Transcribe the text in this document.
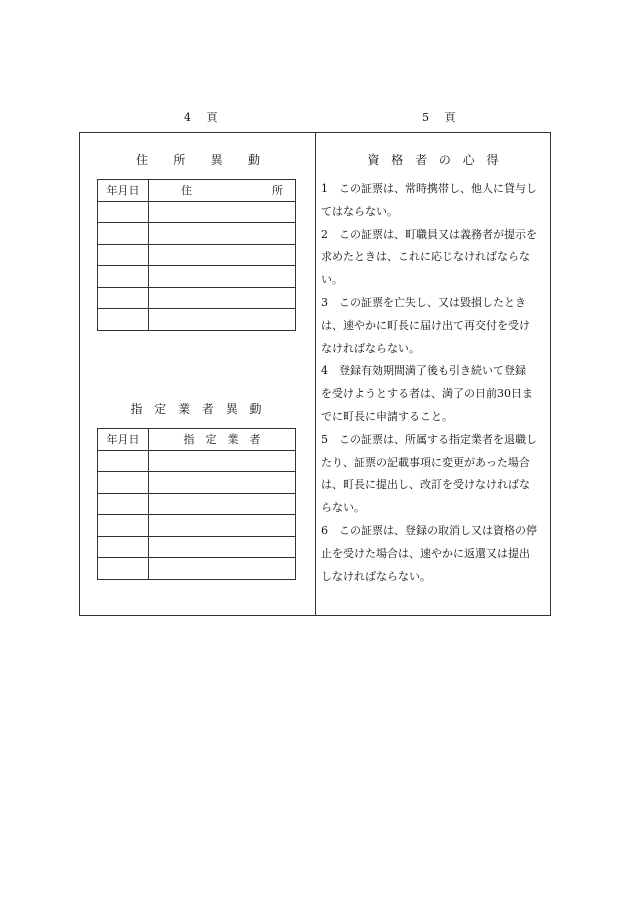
4 頁	5 頁
住 所 異 動
年月日	住 所

指 定 業 者 異 動
年月日	指　定　業　者

資 格 者 の 心 得
1　この証票は、常時携帯し、他人に貸与し
てはならない。
2　この証票は、町職員又は義務者が提示を
求めたときは、これに応じなければならな
い。
3　この証票を亡失し、又は毀損したとき
は、速やかに町長に届け出て再交付を受け
なければならない。
4　登録有効期間満了後も引き続いて登録
を受けようとする者は、満了の日前30日ま
でに町長に申請すること。
5　この証票は、所属する指定業者を退職し
たり、証票の記載事項に変更があった場合
は、町長に提出し、改訂を受けなければな
らない。
6　この証票は、登録の取消し又は資格の停
止を受けた場合は、速やかに返還又は提出
しなければならない。
